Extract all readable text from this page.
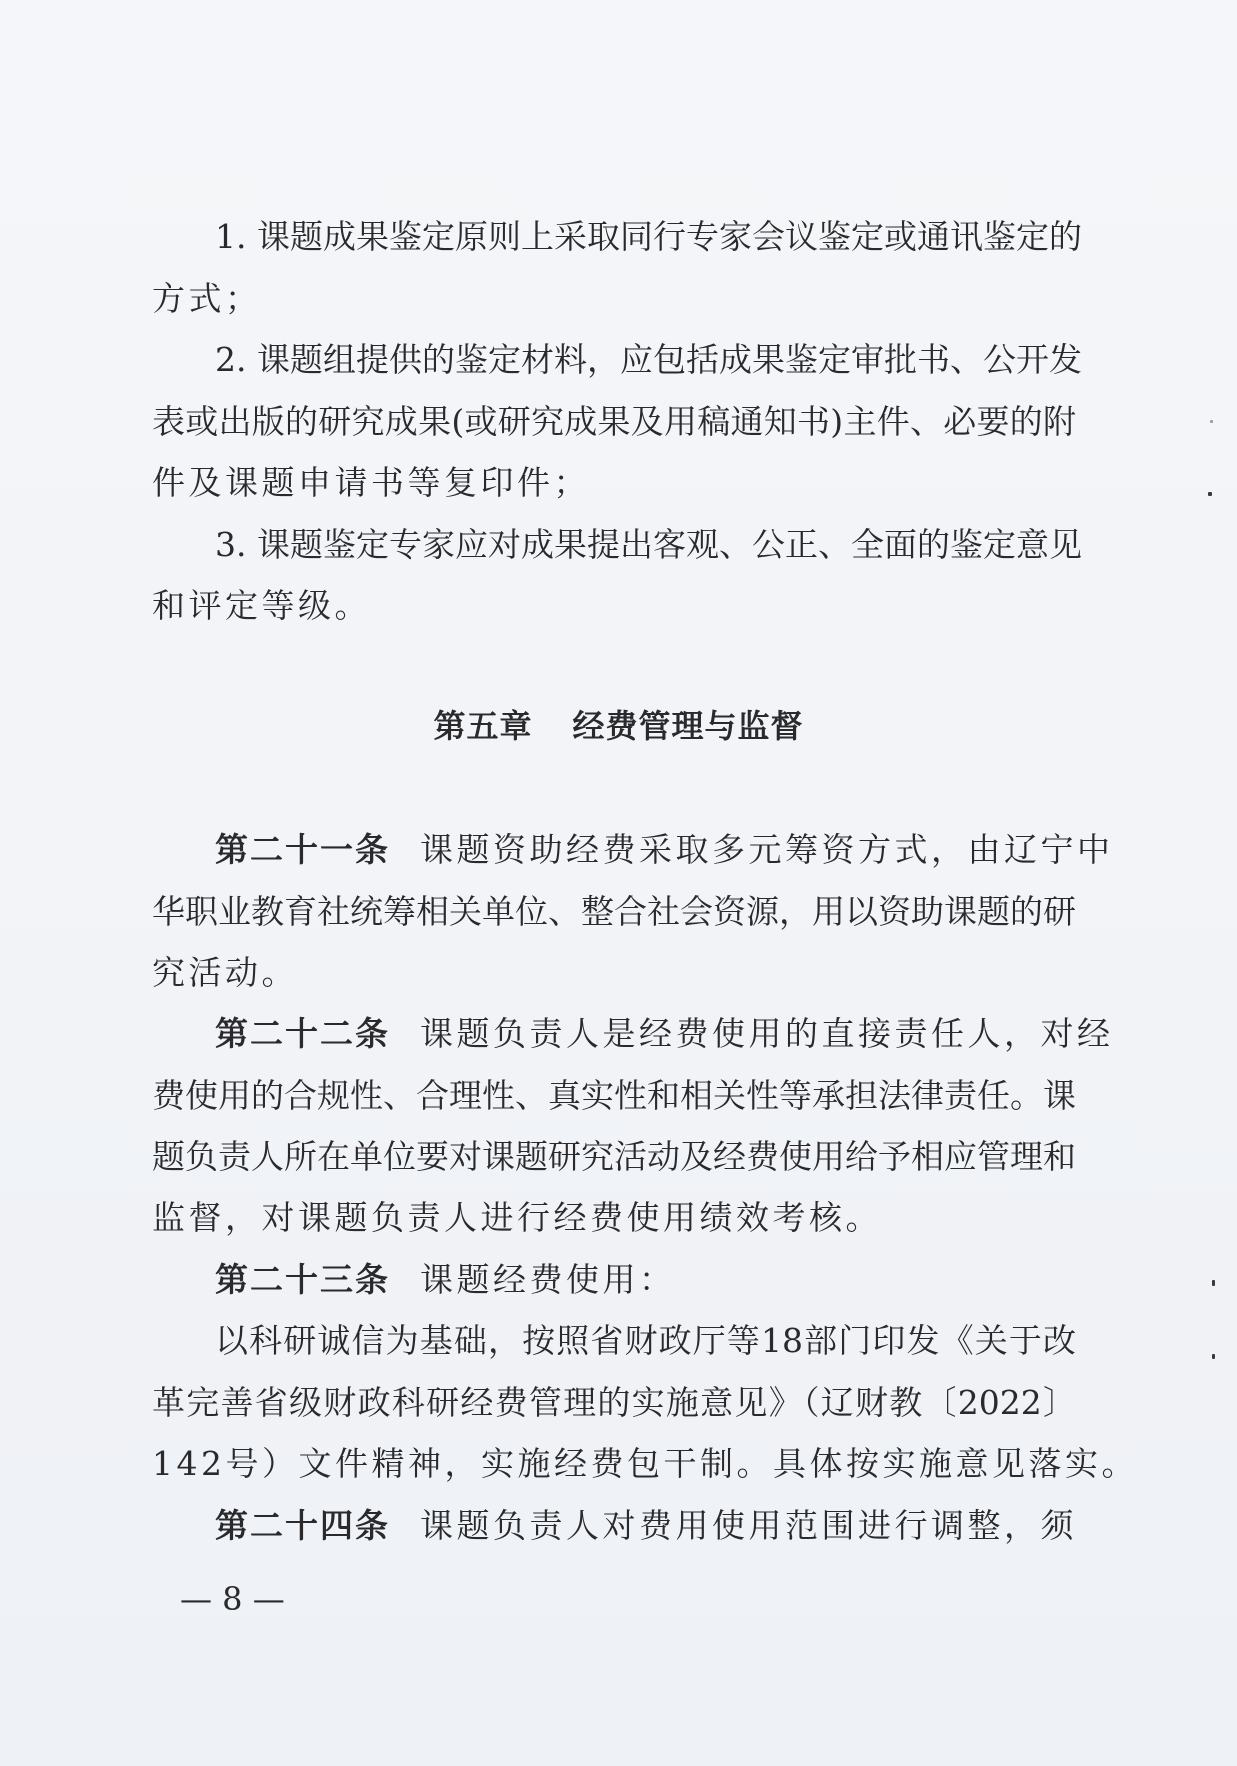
1. 课题成果鉴定原则上采取同行专家会议鉴定或通讯鉴定的
方式；
2. 课题组提供的鉴定材料，应包括成果鉴定审批书、公开发
表或出版的研究成果(或研究成果及用稿通知书)主件、必要的附
件及课题申请书等复印件；
3. 课题鉴定专家应对成果提出客观、公正、全面的鉴定意见
和评定等级。
第五章 经费管理与监督
第二十一条 课题资助经费采取多元筹资方式，由辽宁中
华职业教育社统筹相关单位、整合社会资源，用以资助课题的研
究活动。
第二十二条 课题负责人是经费使用的直接责任人，对经
费使用的合规性、合理性、真实性和相关性等承担法律责任。课
题负责人所在单位要对课题研究活动及经费使用给予相应管理和
监督，对课题负责人进行经费使用绩效考核。
第二十三条 课题经费使用：
以科研诚信为基础，按照省财政厅等18部门印发《关于改
革完善省级财政科研经费管理的实施意见》（辽财教〔2022〕
142号）文件精神，实施经费包干制。具体按实施意见落实。
第二十四条 课题负责人对费用使用范围进行调整，须
— 8 —
